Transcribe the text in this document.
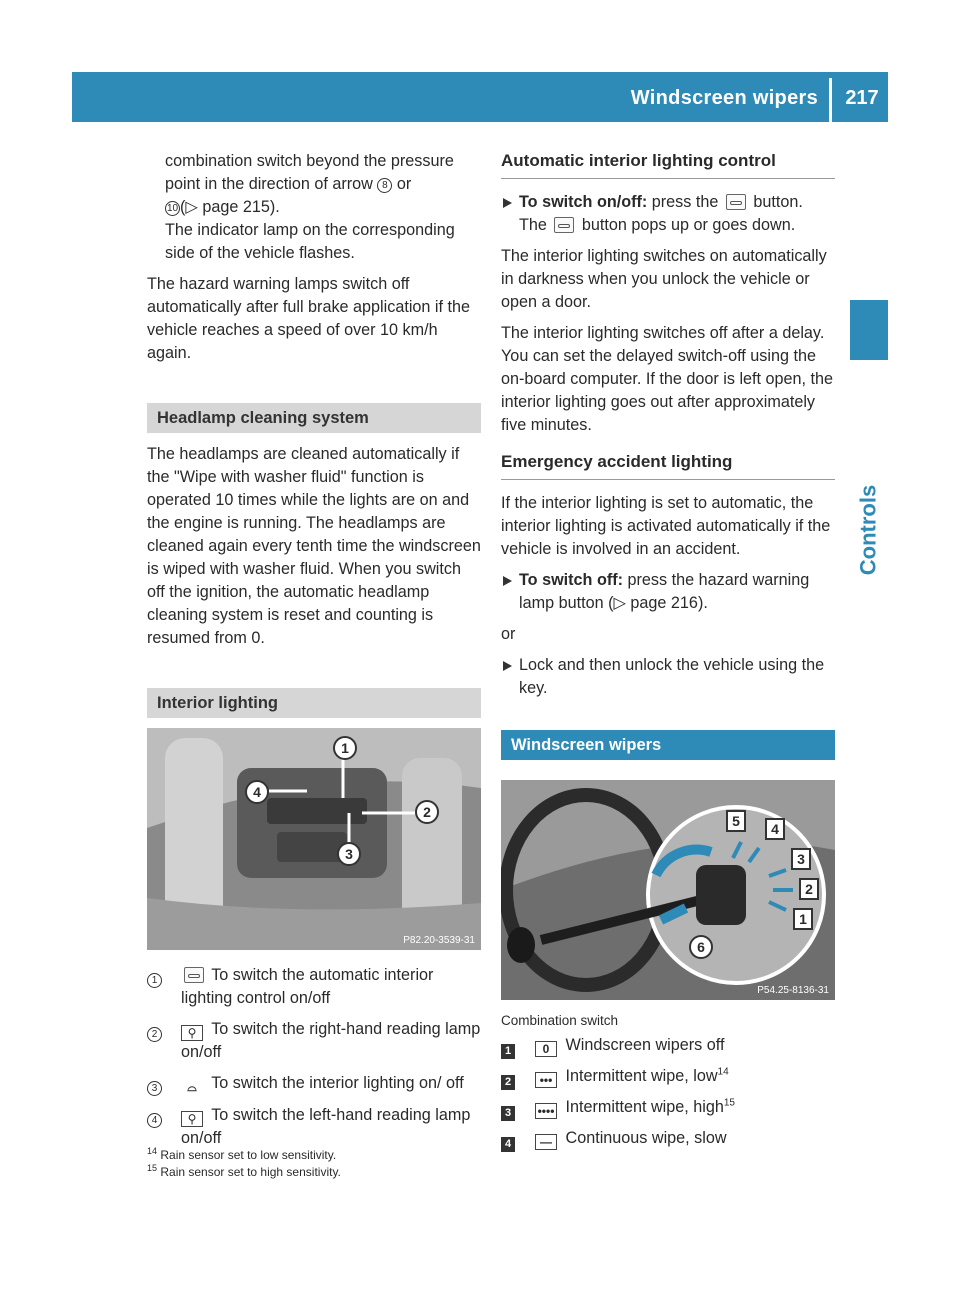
Windscreen wipers	217
Controls

combination switch beyond the pressure

point in the direction of arrow 8 or

10 (▷ page 215).

The indicator lamp on the corresponding

side of the vehicle flashes.

The hazard warning lamps switch off automatically after full brake application if the vehicle reaches a speed of over 10 km/h again.

Headlamp cleaning system

The headlamps are cleaned automatically if the "Wipe with washer fluid" function is operated 10 times while the lights are on and the engine is running. The headlamps are cleaned again every tenth time the windscreen is wiped with washer fluid. When you switch off the ignition, the automatic headlamp cleaning system is reset and counting is resumed from 0.

Interior lighting
1
2
3
4
P82.20-3539-31
1	To switch the automatic interior lighting control on/off
2	⚲ To switch the right-hand reading lamp on/off
3	⌓ To switch the interior lighting on/ off
4	⚲ To switch the left-hand reading lamp on/off
Automatic interior lighting control
To switch on/off: press the button.
The button pops up or goes down.

The interior lighting switches on automatically in darkness when you unlock the vehicle or open a door.

The interior lighting switches off after a delay. You can set the delayed switch-off using the on-board computer. If the door is left open, the interior lighting goes out after approximately five minutes.

Emergency accident lighting

If the interior lighting is set to automatic, the interior lighting is activated automatically if the vehicle is involved in an accident.

To switch off: press the hazard warning lamp button (▷ page 216).

or

Lock and then unlock the vehicle using the key.
Windscreen wipers
5	4
3
2
1
6
P54.25-8136-31

Combination switch

1	0 Windscreen wipers off
2	••• Intermittent wipe, low$^{14}$
3	•••• Intermittent wipe, high$^{15}$
4	— Continuous wipe, slow

$^{14}$ Rain sensor set to low sensitivity.

$^{15}$ Rain sensor set to high sensitivity.
